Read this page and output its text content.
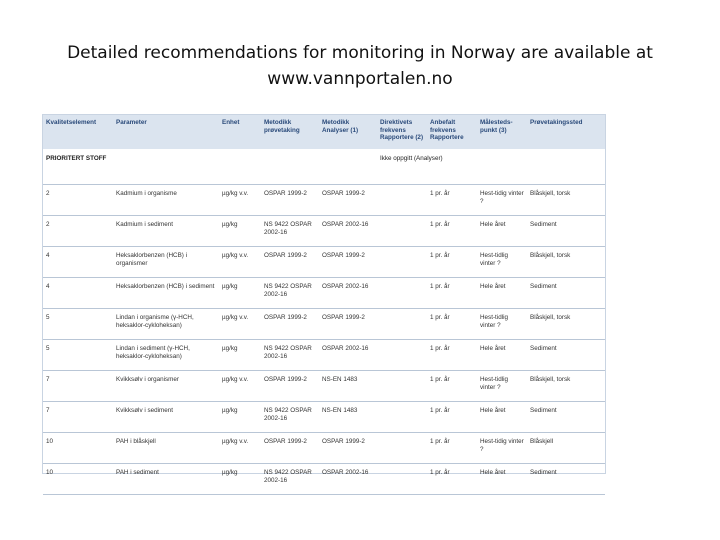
Detailed recommendations for monitoring in Norway are available at
www.vannportalen.no
Kvalitetselement	Parameter	Enhet	Metodikk prøvetaking	Metodikk Analyser (1)	Direktivets frekvens Rapportere (2)	Anbefalt frekvens Rapportere	Målesteds-punkt (3)	Prøvetakingssted
PRIORITERT STOFF					Ikke oppgitt (Analyser)			
2	Kadmium i organisme	µg/kg v.v.	OSPAR 1999-2	OSPAR 1999-2		1 pr. år	Hest-tidig vinter ?	Blåskjell, torsk
2	Kadmium i sediment	µg/kg	NS 9422 OSPAR 2002-16	OSPAR 2002-16		1 pr. år	Hele året	Sediment
4	Heksaklorbenzen (HCB) i organismer	µg/kg v.v.	OSPAR 1999-2	OSPAR 1999-2		1 pr. år	Hest-tidlig vinter ?	Blåskjell, torsk
4	Heksaklorbenzen (HCB) i sediment	µg/kg	NS 9422 OSPAR 2002-16	OSPAR 2002-16		1 pr. år	Hele året	Sediment
5	Lindan i organisme (γ-HCH, heksaklor-cykloheksan)	µg/kg v.v.	OSPAR 1999-2	OSPAR 1999-2		1 pr. år	Hest-tidlig vinter ?	Blåskjell, torsk
5	Lindan i sediment (γ-HCH, heksaklor-cykloheksan)	µg/kg	NS 9422 OSPAR 2002-16	OSPAR 2002-16		1 pr. år	Hele året	Sediment
7	Kvikksølv i organismer	µg/kg v.v.	OSPAR 1999-2	NS-EN 1483		1 pr. år	Hest-tidlig vinter ?	Blåskjell, torsk
7	Kvikksølv i sediment	µg/kg	NS 9422 OSPAR 2002-16	NS-EN 1483		1 pr. år	Hele året	Sediment
10	PAH i blåskjell	µg/kg v.v.	OSPAR 1999-2	OSPAR 1999-2		1 pr. år	Hest-tidig vinter ?	Blåskjell
10	PAH i sediment	µg/kg	NS 9422 OSPAR 2002-16	OSPAR 2002-16		1 pr. år	Hele året	Sediment
